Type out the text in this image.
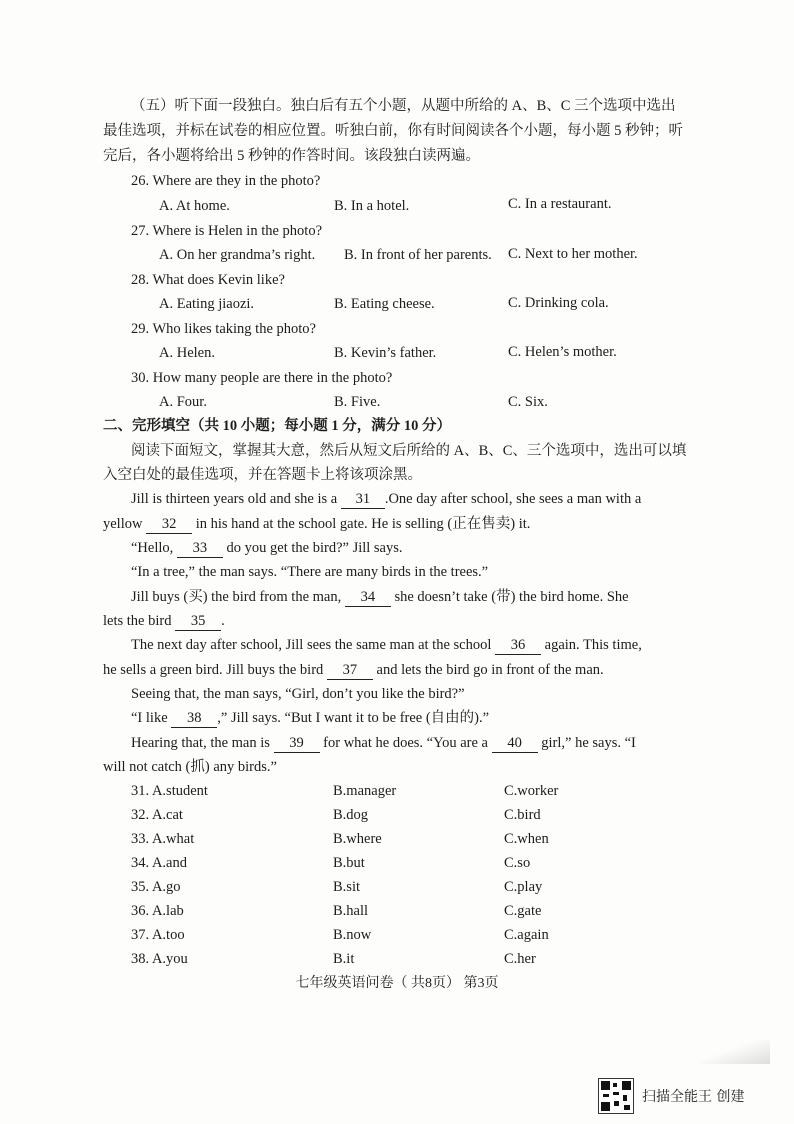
（五）听下面一段独白。独白后有五个小题，从题中所给的 A、B、C 三个选项中选出
最佳选项，并标在试卷的相应位置。听独白前，你有时间阅读各个小题，每小题 5 秒钟；听
完后，各小题将给出 5 秒钟的作答时间。该段独白读两遍。
26. Where are they in the photo?
A. At home.	B. In a hotel.	C. In a restaurant.
27. Where is Helen in the photo?
A. On her grandma’s right. B. In front of her parents. C. Next to her mother.
28. What does Kevin like?
A. Eating jiaozi.	B. Eating cheese.	C. Drinking cola.
29. Who likes taking the photo?
A. Helen.	B. Kevin’s father.	C. Helen’s mother.
30. How many people are there in the photo?
A. Four.	B. Five.	C. Six.
二、完形填空（共 10 小题；每小题 1 分，满分 10 分）
阅读下面短文，掌握其大意，然后从短文后所给的 A、B、C、三个选项中，选出可以填
入空白处的最佳选项，并在答题卡上将该项涂黑。
Jill is thirteen years old and she is a 31 .One day after school, she sees a man with a
yellow 32 in his hand at the school gate. He is selling (正在售卖) it.
“Hello, 33 do you get the bird?” Jill says.
“In a tree,” the man says. “There are many birds in the trees.”
Jill buys (买) the bird from the man, 34 she doesn’t take (带) the bird home. She
lets the bird 35 .
The next day after school, Jill sees the same man at the school 36 again. This time,
he sells a green bird. Jill buys the bird 37 and lets the bird go in front of the man.
Seeing that, the man says, “Girl, don’t you like the bird?”
“I like 38 ,” Jill says. “But I want it to be free (自由的).”
Hearing that, the man is 39 for what he does. “You are a 40 girl,” he says. “I
will not catch (抓) any birds.”
31. A.student	B.manager	C.worker
32. A.cat	B.dog	C.bird
33. A.what	B.where	C.when
34. A.and	B.but	C.so
35. A.go	B.sit	C.play
36. A.lab	B.hall	C.gate
37. A.too	B.now	C.again
38. A.you	B.it	C.her
七年级英语问卷（ 共8页） 第3页
扫描全能王 创建
